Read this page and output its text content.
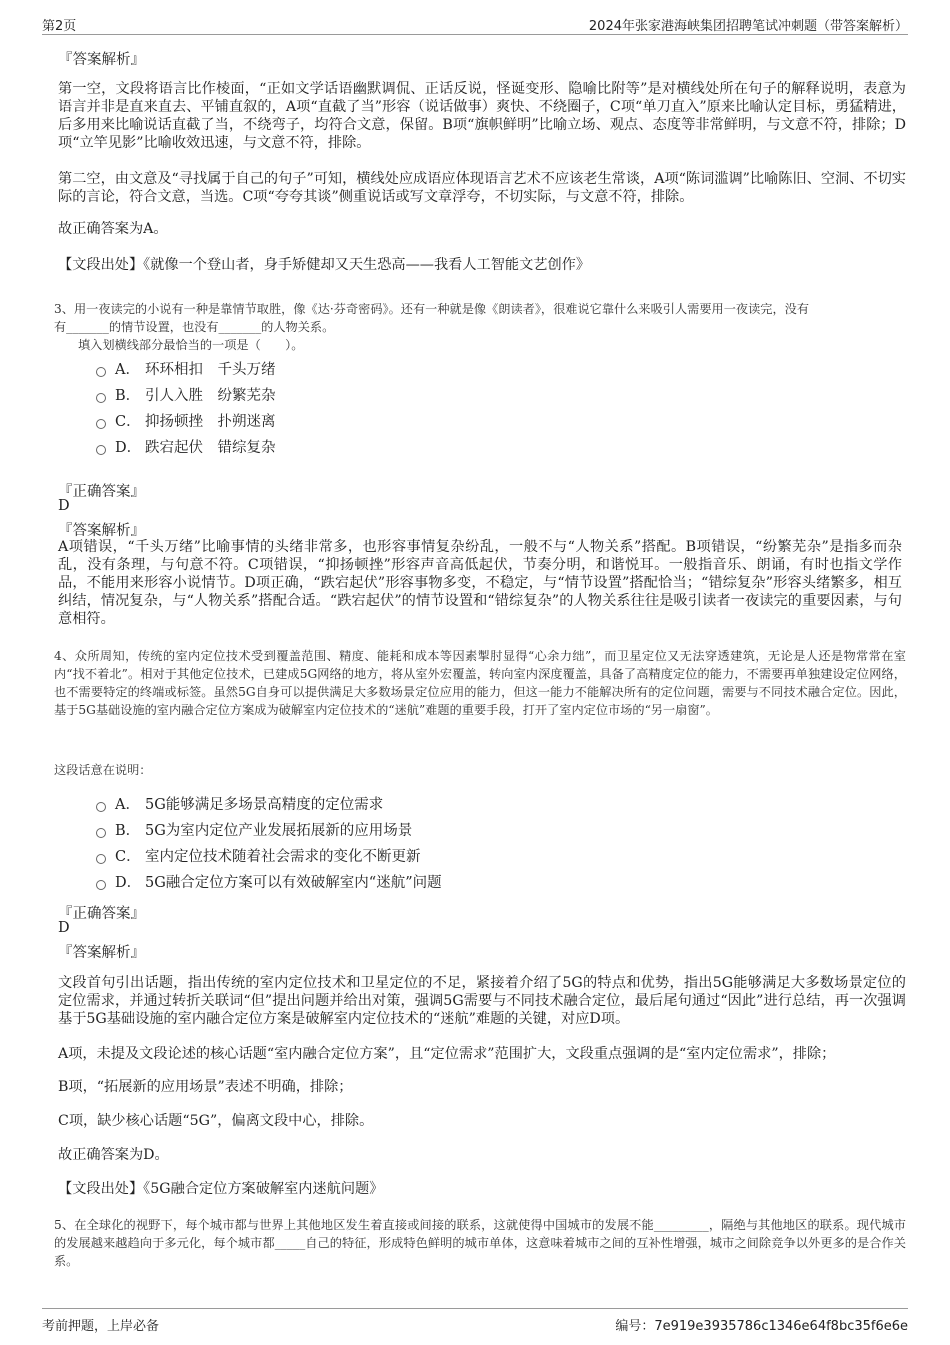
第2页	2024年张家港海峡集团招聘笔试冲刺题（带答案解析）
『答案解析』
第一空，文段将语言比作棱面，“正如文学话语幽默调侃、正话反说，怪诞变形、隐喻比附等”是对横线处所在句子的解释说明，表意为语言并非是直来直去、平铺直叙的，A项“直截了当”形容（说话做事）爽快、不绕圈子，C项“单刀直入”原来比喻认定目标，勇猛精进，后多用来比喻说话直截了当，不绕弯子，均符合文意，保留。B项“旗帜鲜明”比喻立场、观点、态度等非常鲜明，与文意不符，排除；D项“立竿见影”比喻收效迅速，与文意不符，排除。
第二空，由文意及“寻找属于自己的句子”可知，横线处应成语应体现语言艺术不应该老生常谈，A项“陈词滥调”比喻陈旧、空洞、不切实际的言论，符合文意，当选。C项“夸夸其谈”侧重说话或写文章浮夸，不切实际，与文意不符，排除。
故正确答案为A。
【文段出处】《就像一个登山者，身手矫健却又天生恐高——我看人工智能文艺创作》
3、用一夜读完的小说有一种是靠情节取胜，像《达·芬奇密码》。还有一种就是像《朗读者》，很难说它靠什么来吸引人需要用一夜读完，没有
有_______的情节设置，也没有_______的人物关系。
填入划横线部分最恰当的一项是（　　）。
A． 环环相扣　千头万绪
B． 引人入胜　纷繁芜杂
C． 抑扬顿挫　扑朔迷离
D． 跌宕起伏　错综复杂
『正确答案』
D
『答案解析』
A项错误，“千头万绪”比喻事情的头绪非常多，也形容事情复杂纷乱，一般不与“人物关系”搭配。B项错误，“纷繁芜杂”是指多而杂乱，没有条理，与句意不符。C项错误，“抑扬顿挫”形容声音高低起伏，节奏分明，和谐悦耳。一般指音乐、朗诵，有时也指文学作品，不能用来形容小说情节。D项正确，“跌宕起伏”形容事物多变，不稳定，与“情节设置”搭配恰当；“错综复杂”形容头绪繁多，相互纠结，情况复杂，与“人物关系”搭配合适。“跌宕起伏”的情节设置和“错综复杂”的人物关系往往是吸引读者一夜读完的重要因素，与句意相符。
4、众所周知，传统的室内定位技术受到覆盖范围、精度、能耗和成本等因素掣肘显得“心余力绌”，而卫星定位又无法穿透建筑，无论是人还是物常常在室内“找不着北”。相对于其他定位技术，已建成5G网络的地方，将从室外宏覆盖，转向室内深度覆盖，具备了高精度定位的能力，不需要再单独建设定位网络，也不需要特定的终端或标签。虽然5G自身可以提供满足大多数场景定位应用的能力，但这一能力不能解决所有的定位问题，需要与不同技术融合定位。因此，基于5G基础设施的室内融合定位方案成为破解室内定位技术的“迷航”难题的重要手段，打开了室内定位市场的“另一扇窗”。
这段话意在说明：
A． 5G能够满足多场景高精度的定位需求
B． 5G为室内定位产业发展拓展新的应用场景
C． 室内定位技术随着社会需求的变化不断更新
D． 5G融合定位方案可以有效破解室内“迷航”问题
『正确答案』
D
『答案解析』
文段首句引出话题，指出传统的室内定位技术和卫星定位的不足，紧接着介绍了5G的特点和优势，指出5G能够满足大多数场景定位的定位需求，并通过转折关联词“但”提出问题并给出对策，强调5G需要与不同技术融合定位，最后尾句通过“因此”进行总结，再一次强调基于5G基础设施的室内融合定位方案是破解室内定位技术的“迷航”难题的关键，对应D项。
A项，未提及文段论述的核心话题“室内融合定位方案”，且“定位需求”范围扩大，文段重点强调的是“室内定位需求”，排除；
B项，“拓展新的应用场景”表述不明确，排除；
C项，缺少核心话题“5G”，偏离文段中心，排除。
故正确答案为D。
【文段出处】《5G融合定位方案破解室内迷航问题》
5、在全球化的视野下，每个城市都与世界上其他地区发生着直接或间接的联系，这就使得中国城市的发展不能_________，隔绝与其他地区的联系。现代城市的发展越来越趋向于多元化，每个城市都_____自己的特征，形成特色鲜明的城市单体，这意味着城市之间的互补性增强，城市之间除竞争以外更多的是合作关系。
考前押题，上岸必备	编号：7e919e3935786c1346e64f8bc35f6e6e
